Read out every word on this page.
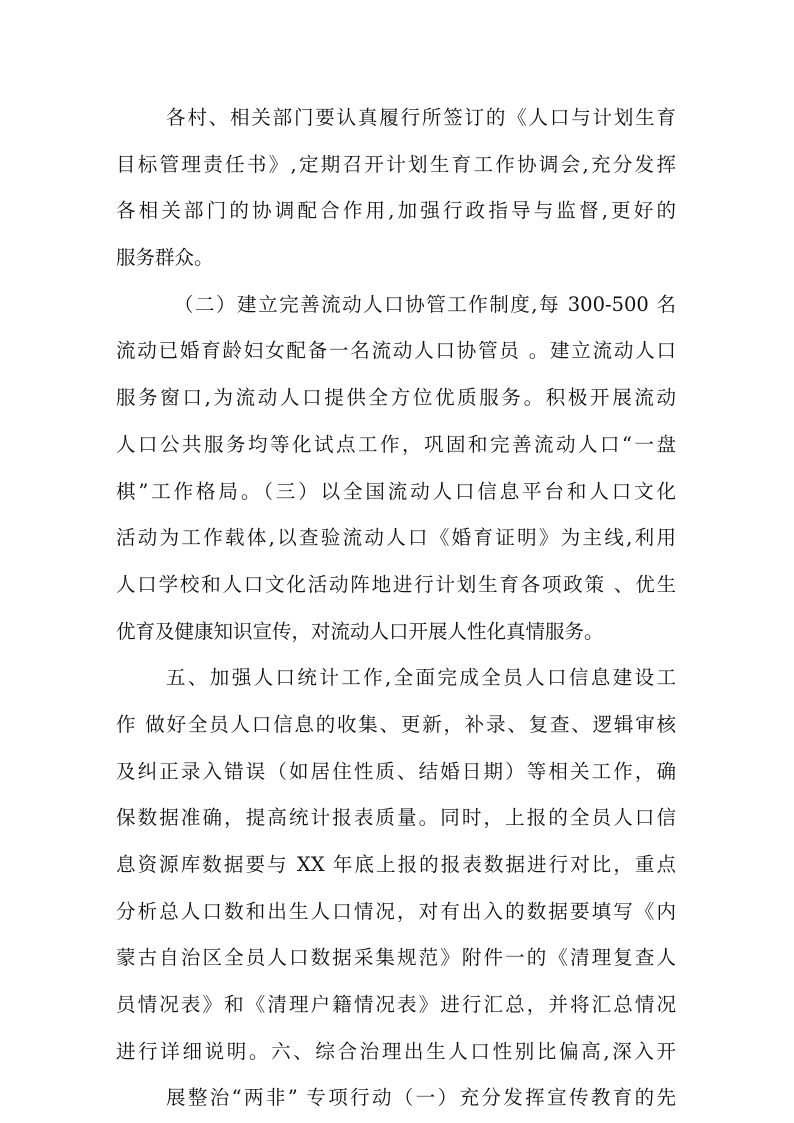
各村、相关部门要认真履行所签订的《人口与计划生育
目标管理责任书》,定期召开计划生育工作协调会,充分发挥
各相关部门的协调配合作用,加强行政指导与监督,更好的
服务群众。
（二）建立完善流动人口协管工作制度,每 300-500 名
流动已婚育龄妇女配备一名流动人口协管员 。建立流动人口
服务窗口,为流动人口提供全方位优质服务。积极开展流动
人口公共服务均等化试点工作，巩固和完善流动人口“一盘
棋”工作格局。（三）以全国流动人口信息平台和人口文化
活动为工作载体,以查验流动人口《婚育证明》为主线,利用
人口学校和人口文化活动阵地进行计划生育各项政策 、优生
优育及健康知识宣传，对流动人口开展人性化真情服务。
五、加强人口统计工作,全面完成全员人口信息建设工
作 做好全员人口信息的收集、更新，补录、复查、逻辑审核
及纠正录入错误（如居住性质、结婚日期）等相关工作，确
保数据准确，提高统计报表质量。同时，上报的全员人口信
息资源库数据要与 XX 年底上报的报表数据进行对比，重点
分析总人口数和出生人口情况，对有出入的数据要填写《内
蒙古自治区全员人口数据采集规范》附件一的《清理复查人
员情况表》和《清理户籍情况表》进行汇总，并将汇总情况
进行详细说明。六、综合治理出生人口性别比偏高,深入开
展整治“两非” 专项行动（一）充分发挥宣传教育的先
